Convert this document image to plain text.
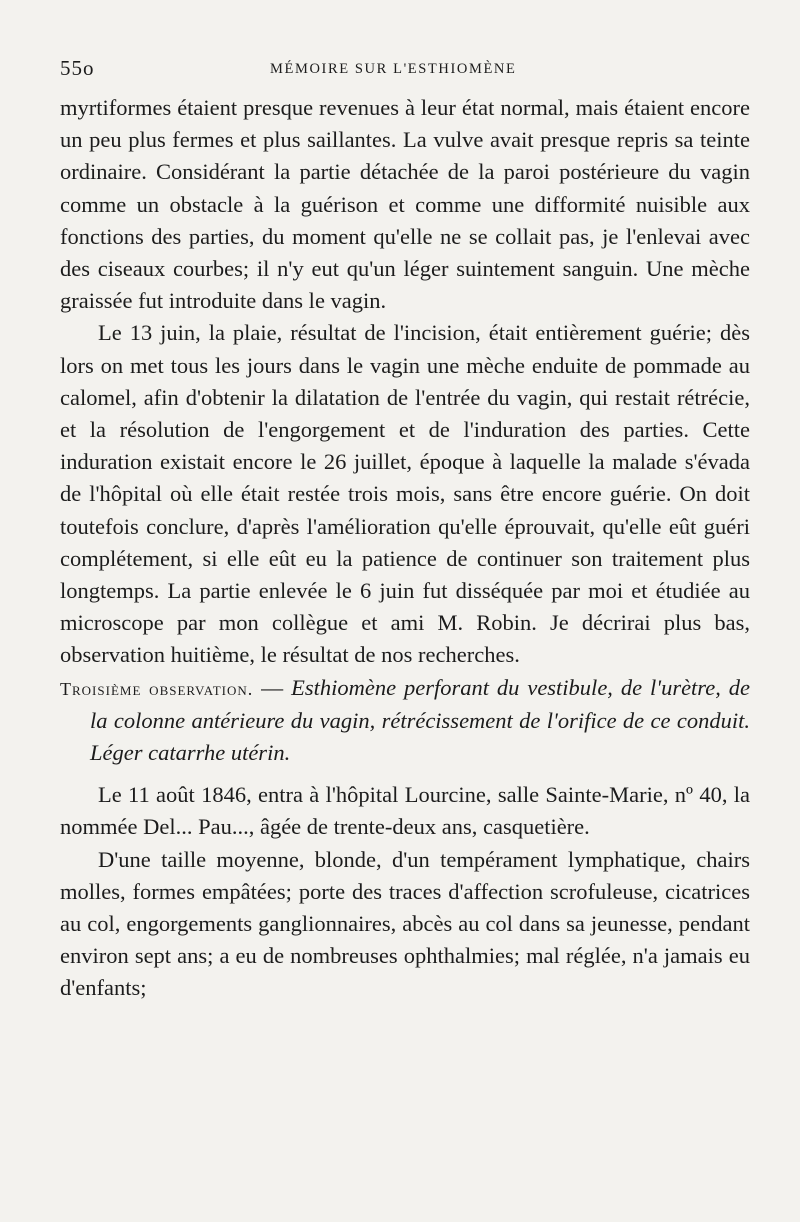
55o	MÉMOIRE SUR L'ESTHIOMÈNE

myrtiformes étaient presque revenues à leur état normal, mais étaient encore un peu plus fermes et plus saillantes. La vulve avait presque repris sa teinte ordinaire. Considérant la partie détachée de la paroi postérieure du vagin comme un obstacle à la guérison et comme une difformité nuisible aux fonctions des parties, du moment qu'elle ne se collait pas, je l'enlevai avec des ciseaux courbes; il n'y eut qu'un léger suintement sanguin. Une mèche graissée fut introduite dans le vagin.

Le 13 juin, la plaie, résultat de l'incision, était entièrement guérie; dès lors on met tous les jours dans le vagin une mèche enduite de pommade au calomel, afin d'obtenir la dilatation de l'entrée du vagin, qui restait rétrécie, et la résolution de l'engorgement et de l'induration des parties. Cette induration existait encore le 26 juillet, époque à laquelle la malade s'évada de l'hôpital où elle était restée trois mois, sans être encore guérie. On doit toutefois conclure, d'après l'amélioration qu'elle éprouvait, qu'elle eût guéri complétement, si elle eût eu la patience de continuer son traitement plus longtemps. La partie enlevée le 6 juin fut disséquée par moi et étudiée au microscope par mon collègue et ami M. Robin. Je décrirai plus bas, observation huitième, le résultat de nos recherches.

Troisième observation. — Esthiomène perforant du vestibule, de l'urètre, de la colonne antérieure du vagin, rétrécissement de l'orifice de ce conduit. Léger catarrhe utérin.

Le 11 août 1846, entra à l'hôpital Lourcine, salle Sainte-Marie, nº 40, la nommée Del... Pau..., âgée de trente-deux ans, casquetière.

D'une taille moyenne, blonde, d'un tempérament lymphatique, chairs molles, formes empâtées; porte des traces d'affection scrofuleuse, cicatrices au col, engorgements ganglionnaires, abcès au col dans sa jeunesse, pendant environ sept ans; a eu de nombreuses ophthalmies; mal réglée, n'a jamais eu d'enfants;
